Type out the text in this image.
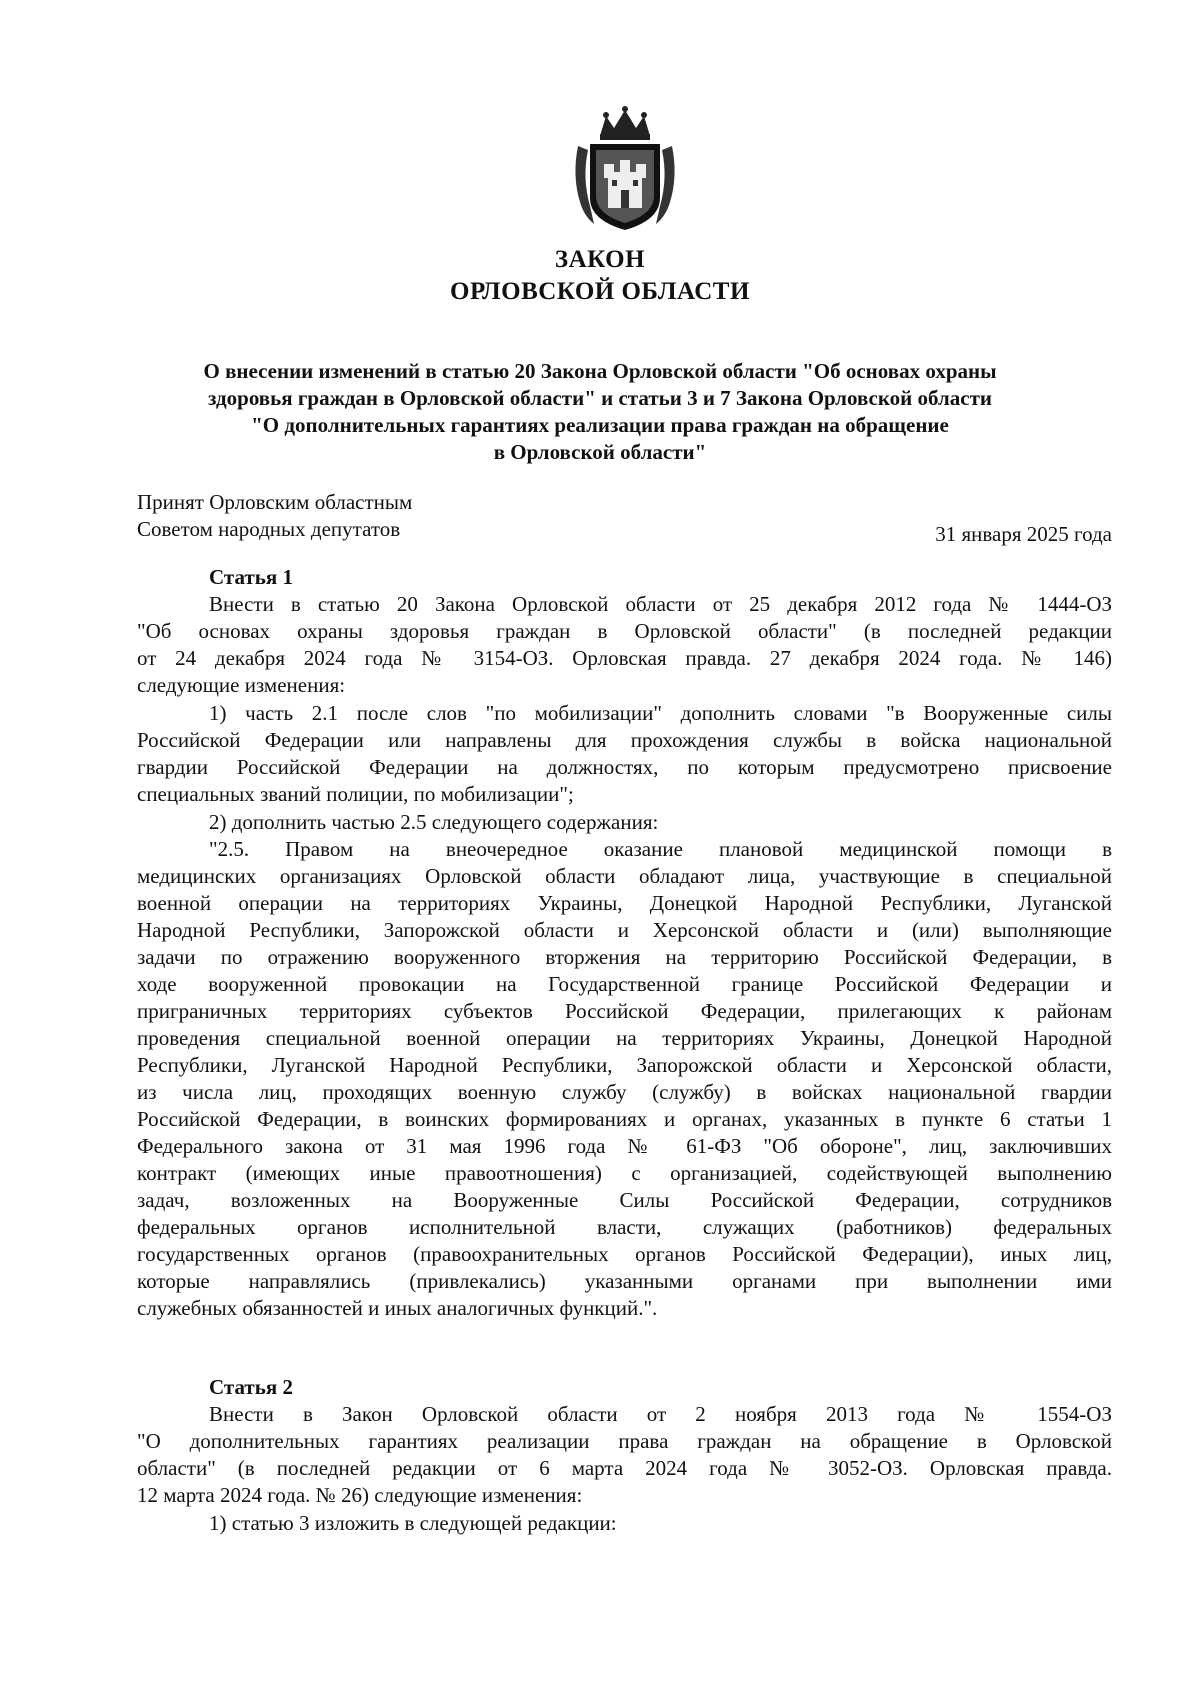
ЗАКОН
ОРЛОВСКОЙ ОБЛАСТИ
О внесении изменений в статью 20 Закона Орловской области "Об основах охраны
здоровья граждан в Орловской области" и статьи 3 и 7 Закона Орловской области
"О дополнительных гарантиях реализации права граждан на обращение
в Орловской области"
Принят Орловским областным
Советом народных депутатов	31 января 2025 года
Статья 1
Внести в статью 20 Закона Орловской области от 25 декабря 2012 года № 1444-ОЗ
"Об основах охраны здоровья граждан в Орловской области" (в последней редакции
от 24 декабря 2024 года № 3154-ОЗ. Орловская правда. 27 декабря 2024 года. № 146)
следующие изменения:
1) часть 2.1 после слов "по мобилизации" дополнить словами "в Вооруженные силы
Российской Федерации или направлены для прохождения службы в войска национальной
гвардии Российской Федерации на должностях, по которым предусмотрено присвоение
специальных званий полиции, по мобилизации";
2) дополнить частью 2.5 следующего содержания:
"2.5. Правом на внеочередное оказание плановой медицинской помощи в
медицинских организациях Орловской области обладают лица, участвующие в специальной
военной операции на территориях Украины, Донецкой Народной Республики, Луганской
Народной Республики, Запорожской области и Херсонской области и (или) выполняющие
задачи по отражению вооруженного вторжения на территорию Российской Федерации, в
ходе вооруженной провокации на Государственной границе Российской Федерации и
приграничных территориях субъектов Российской Федерации, прилегающих к районам
проведения специальной военной операции на территориях Украины, Донецкой Народной
Республики, Луганской Народной Республики, Запорожской области и Херсонской области,
из числа лиц, проходящих военную службу (службу) в войсках национальной гвардии
Российской Федерации, в воинских формированиях и органах, указанных в пункте 6 статьи 1
Федерального закона от 31 мая 1996 года № 61-ФЗ "Об обороне", лиц, заключивших
контракт (имеющих иные правоотношения) с организацией, содействующей выполнению
задач, возложенных на Вооруженные Силы Российской Федерации, сотрудников
федеральных органов исполнительной власти, служащих (работников) федеральных
государственных органов (правоохранительных органов Российской Федерации), иных лиц,
которые направлялись (привлекались) указанными органами при выполнении ими
служебных обязанностей и иных аналогичных функций.".
Статья 2
Внести в Закон Орловской области от 2 ноября 2013 года № 1554-ОЗ
"О дополнительных гарантиях реализации права граждан на обращение в Орловской
области" (в последней редакции от 6 марта 2024 года № 3052-ОЗ. Орловская правда.
12 марта 2024 года. № 26) следующие изменения:
1) статью 3 изложить в следующей редакции:
